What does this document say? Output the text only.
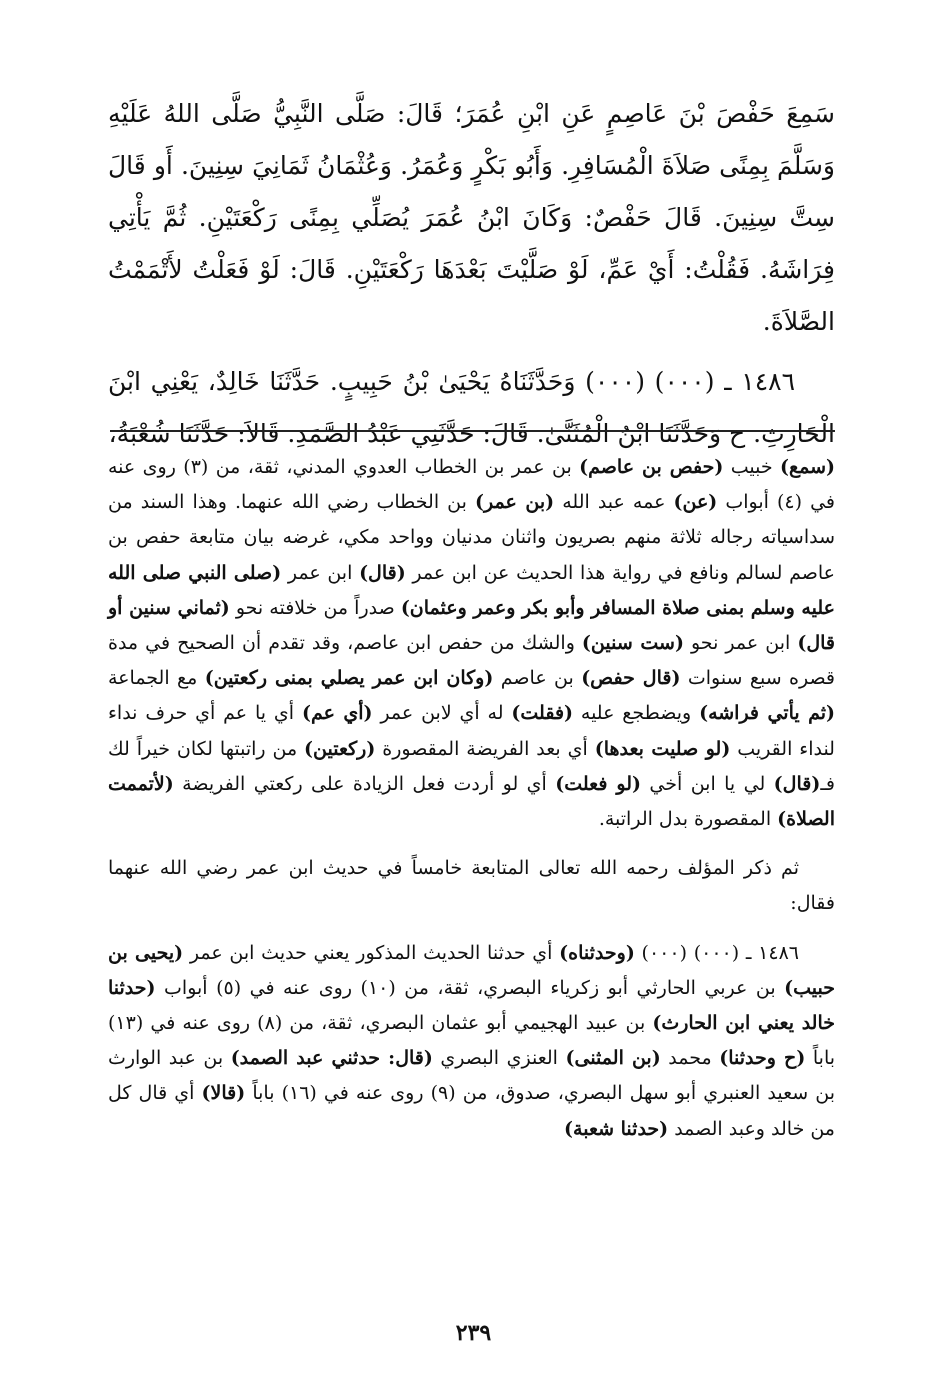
سَمِعَ حَفْصَ بْنَ عَاصِمٍ عَنِ ابْنِ عُمَرَ؛ قَالَ: صَلَّى النَّبِيُّ صَلَّى اللهُ عَلَيْهِ وَسَلَّمَ بِمِنًى صَلاَةَ الْمُسَافِرِ. وَأَبُو بَكْرٍ وَعُمَرُ. وَعُثْمَانُ ثَمَانِيَ سِنِينَ. أَو قَالَ سِتَّ سِنِينَ. قَالَ حَفْصٌ: وَكَانَ ابْنُ عُمَرَ يُصَلِّي بِمِنًى رَكْعَتَيْنِ. ثُمَّ يَأْتِي فِرَاشَهُ. فَقُلْتُ: أَيْ عَمِّ، لَوْ صَلَّيْتَ بَعْدَهَا رَكْعَتَيْنِ. قَالَ: لَوْ فَعَلْتُ لأَتْمَمْتُ الصَّلاَةَ.

١٤٨٦ ـ (٠٠٠) (٠٠٠) وَحَدَّثَنَاهُ يَحْيَىٰ بْنُ حَبِيبٍ. حَدَّثَنَا خَالِدٌ، يَعْنِي ابْنَ الْحَارِثِ. ح وَحَدَّثَنَا ابْنُ الْمُثَنَّىٰ. قَالَ: حَدَّثَنِي عَبْدُ الصَّمَدِ. قَالاَ: حَدَّثَنَا شُعْبَةُ،

(سمع) خبيب (حفص بن عاصم) بن عمر بن الخطاب العدوي المدني، ثقة، من (٣) روى عنه في (٤) أبواب (عن) عمه عبد الله (بن عمر) بن الخطاب رضي الله عنهما. وهذا السند من سداسياته رجاله ثلاثة منهم بصريون واثنان مدنيان وواحد مكي، غرضه بيان متابعة حفص بن عاصم لسالم ونافع في رواية هذا الحديث عن ابن عمر (قال) ابن عمر (صلى النبي صلى الله عليه وسلم بمنى صلاة المسافر وأبو بكر وعمر وعثمان) صدراً من خلافته نحو (ثماني سنين أو قال) ابن عمر نحو (ست سنين) والشك من حفص ابن عاصم، وقد تقدم أن الصحيح في مدة قصره سبع سنوات (قال حفص) بن عاصم (وكان ابن عمر يصلي بمنى ركعتين) مع الجماعة (ثم يأتي فراشه) ويضطجع عليه (فقلت) له أي لابن عمر (أي عم) أي يا عم أي حرف نداء لنداء القريب (لو صليت بعدها) أي بعد الفريضة المقصورة (ركعتين) من راتبتها لكان خيراً لك فـ(قال) لي يا ابن أخي (لو فعلت) أي لو أردت فعل الزيادة على ركعتي الفريضة (لأتممت الصلاة) المقصورة بدل الراتبة.

ثم ذكر المؤلف رحمه الله تعالى المتابعة خامساً في حديث ابن عمر رضي الله عنهما فقال:

١٤٨٦ ـ (٠٠٠) (٠٠٠) (وحدثناه) أي حدثنا الحديث المذكور يعني حديث ابن عمر (يحيى بن حبيب) بن عربي الحارثي أبو زكرياء البصري، ثقة، من (١٠) روى عنه في (٥) أبواب (حدثنا خالد يعني ابن الحارث) بن عبيد الهجيمي أبو عثمان البصري، ثقة، من (٨) روى عنه في (١٣) باباً (ح وحدثنا) محمد (بن المثنى) العنزي البصري (قال: حدثني عبد الصمد) بن عبد الوارث بن سعيد العنبري أبو سهل البصري، صدوق، من (٩) روى عنه في (١٦) باباً (قالا) أي قال كل من خالد وعبد الصمد (حدثنا شعبة)

٢٣٩
